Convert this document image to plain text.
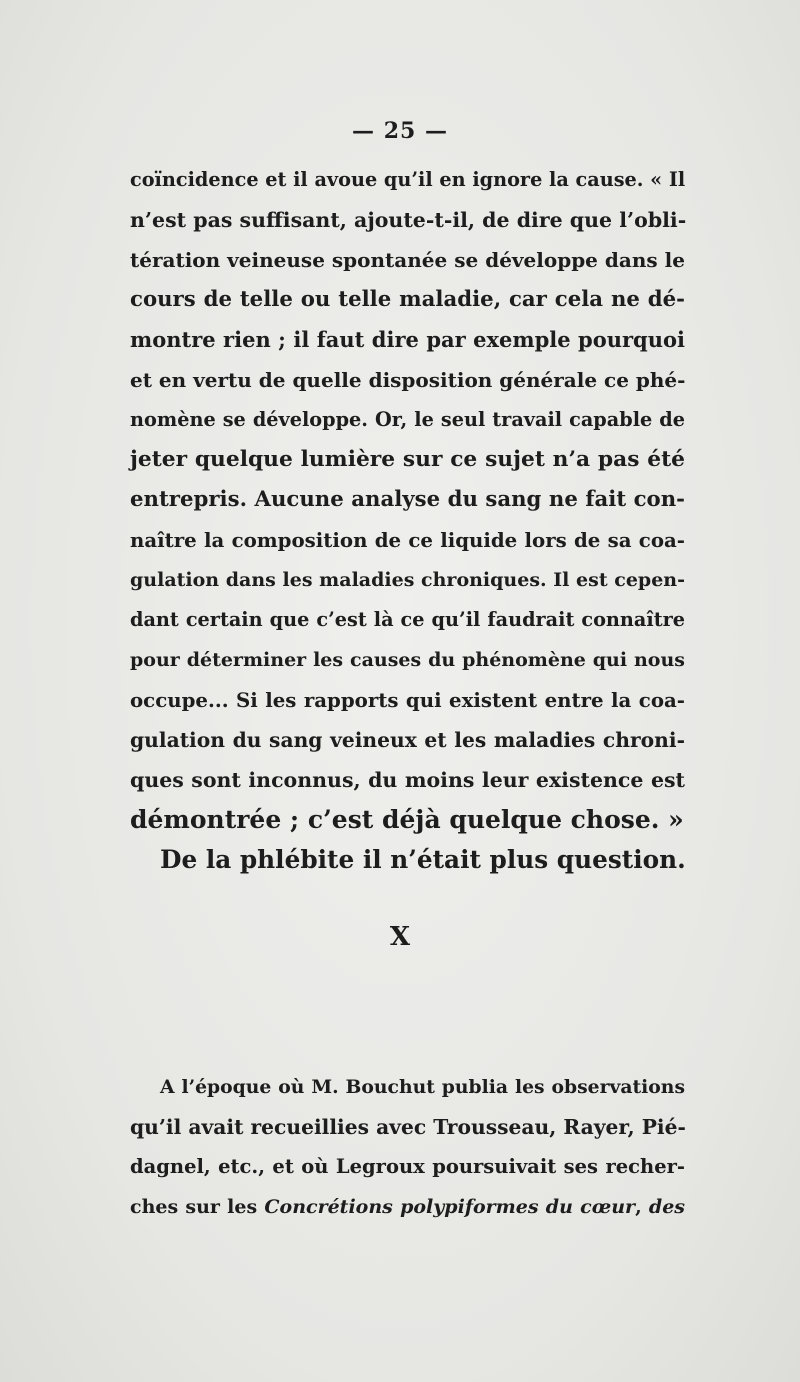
— 25 —
coïncidence et il avoue qu’il en ignore la cause. « Il
n’est pas suffisant, ajoute-t-il, de dire que l’obli-
tération veineuse spontanée se développe dans le
cours de telle ou telle maladie, car cela ne dé-
montre rien ; il faut dire par exemple pourquoi
et en vertu de quelle disposition générale ce phé-
nomène se développe. Or, le seul travail capable de
jeter quelque lumière sur ce sujet n’a pas été
entrepris. Aucune analyse du sang ne fait con-
naître la composition de ce liquide lors de sa coa-
gulation dans les maladies chroniques. Il est cepen-
dant certain que c’est là ce qu’il faudrait connaître
pour déterminer les causes du phénomène qui nous
occupe... Si les rapports qui existent entre la coa-
gulation du sang veineux et les maladies chroni-
ques sont inconnus, du moins leur existence est
démontrée ; c’est déjà quelque chose. »
De la phlébite il n’était plus question.
X
A l’époque où M. Bouchut publia les observations
qu’il avait recueillies avec Trousseau, Rayer, Pié-
dagnel, etc., et où Legroux poursuivait ses recher-
ches sur les Concrétions polypiformes du cœur, des
